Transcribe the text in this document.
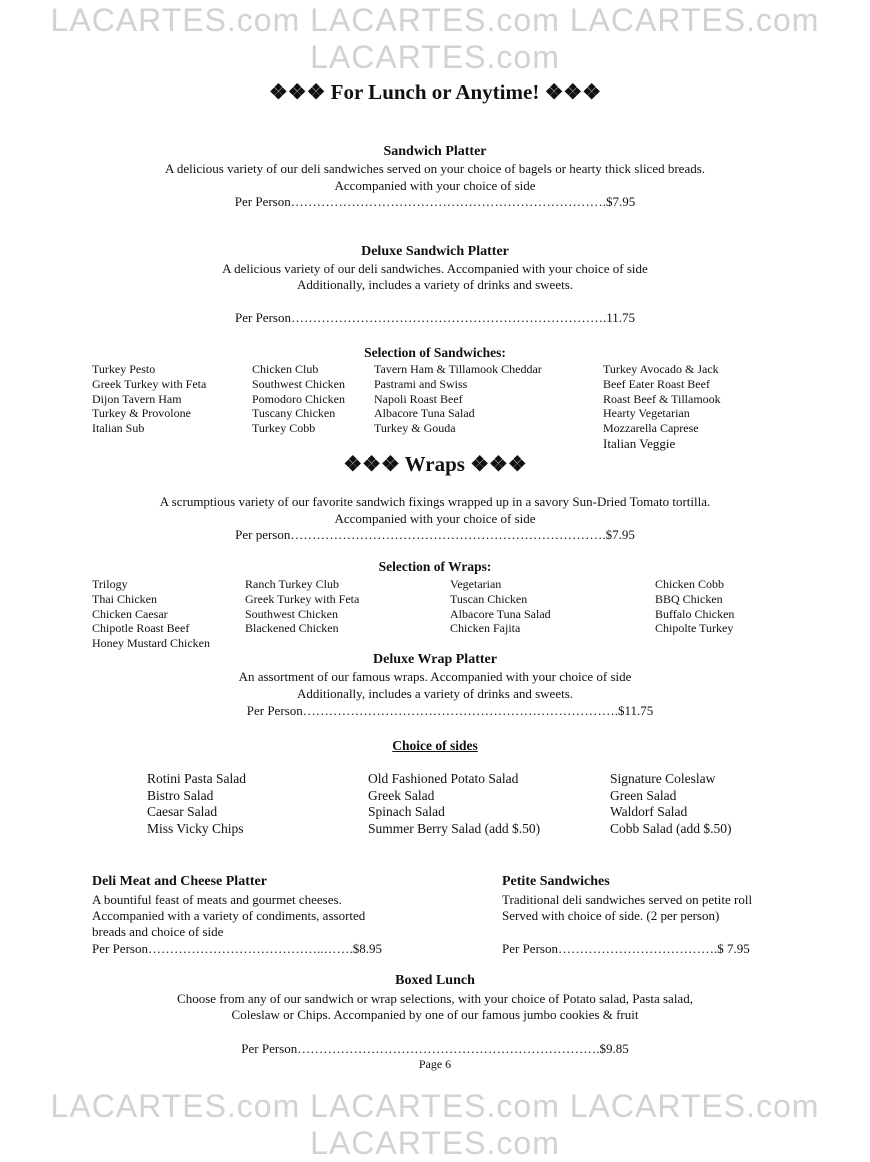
LACARTES.com LACARTES.com LACARTES.com LACARTES.com
LACARTES.com LACARTES.com LACARTES.com LACARTES.com
❖❖❖ For Lunch or Anytime! ❖❖❖
Sandwich Platter
A delicious variety of our deli sandwiches served on your choice of bagels or hearty thick sliced breads.
Accompanied with your choice of side
Per Person……………………………………………………………….$7.95
Deluxe Sandwich Platter
A delicious variety of our deli sandwiches. Accompanied with your choice of side
Additionally, includes a variety of drinks and sweets.
Per Person……………………………………………………………….11.75
Selection of Sandwiches:
Turkey Pesto
Greek Turkey with Feta
Dijon Tavern Ham
Turkey & Provolone
Italian Sub
Chicken Club
Southwest Chicken
Pomodoro Chicken
Tuscany Chicken
Turkey Cobb
Tavern Ham & Tillamook Cheddar
Pastrami and Swiss
Napoli Roast Beef
Albacore Tuna Salad
Turkey & Gouda
Turkey Avocado & Jack
Beef Eater Roast Beef
Roast Beef & Tillamook
Hearty Vegetarian
Mozzarella Caprese
Italian Veggie
❖❖❖ Wraps ❖❖❖
A scrumptious variety of our favorite sandwich fixings wrapped up in a savory Sun-Dried Tomato tortilla.
Accompanied with your choice of side
Per person……………………………………………………………….$7.95
Selection of Wraps:
Trilogy
Thai Chicken
Chicken Caesar
Chipotle Roast Beef
Honey Mustard Chicken
Ranch Turkey Club
Greek Turkey with Feta
Southwest Chicken
Blackened Chicken
Vegetarian
Tuscan Chicken
Albacore Tuna Salad
Chicken Fajita
Chicken Cobb
BBQ Chicken
Buffalo Chicken
Chipolte Turkey
Deluxe Wrap Platter
An assortment of our famous wraps. Accompanied with your choice of side
Additionally, includes a variety of drinks and sweets.
Per Person……………………………………………………………….$11.75
Choice of sides
Rotini Pasta Salad
Bistro Salad
Caesar Salad
Miss Vicky Chips
Old Fashioned Potato Salad
Greek Salad
Spinach Salad
Summer Berry Salad (add $.50)
Signature Coleslaw
Green Salad
Waldorf Salad
Cobb Salad (add $.50)
Deli Meat and Cheese Platter
A bountiful feast of meats and gourmet cheeses.
Accompanied with a variety of condiments, assorted
breads and choice of side
Per Person…………………………………..…….$8.95
Petite Sandwiches
Traditional deli sandwiches served on petite roll
Served with choice of side. (2 per person)
Per Person……………………………….$ 7.95
Boxed Lunch
Choose from any of our sandwich or wrap selections, with your choice of Potato salad, Pasta salad,
Coleslaw or Chips. Accompanied by one of our famous jumbo cookies & fruit
Per Person…………………………………………………………….$9.85
Page 6
